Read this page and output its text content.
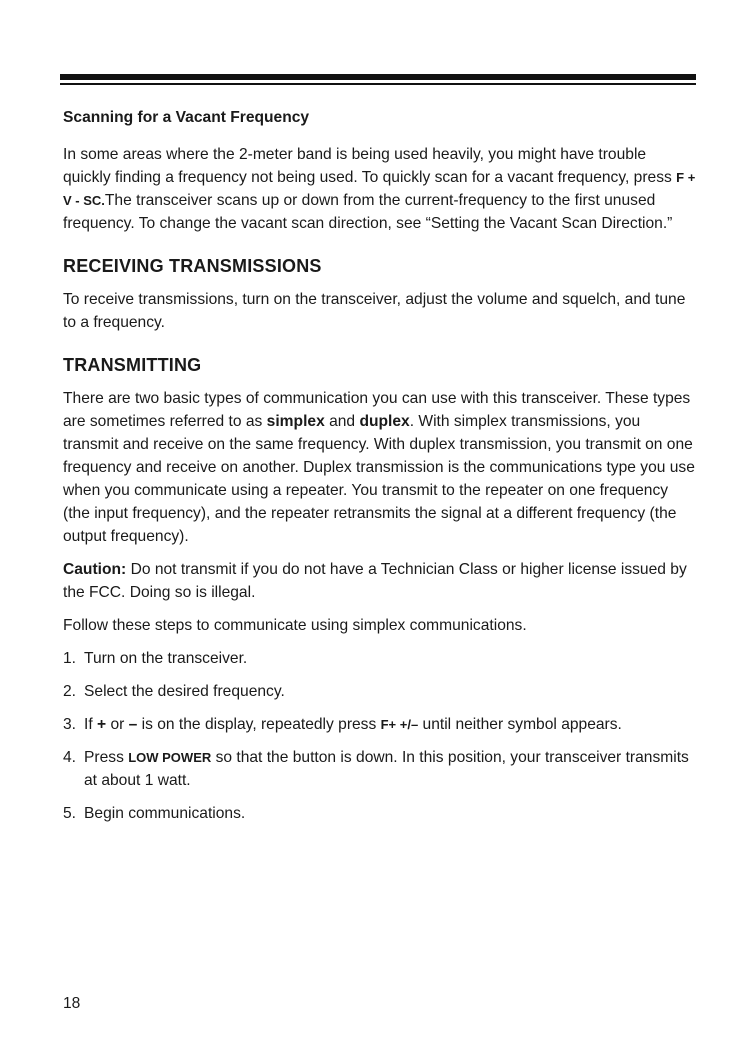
Scanning for a Vacant Frequency

In some areas where the 2-meter band is being used heavily, you might have trouble quickly finding a frequency not being used. To quickly scan for a vacant frequency, press F + V - SC.The transceiver scans up or down from the current-frequency to the first unused frequency. To change the vacant scan direction, see “Setting the Vacant Scan Direction.”

RECEIVING TRANSMISSIONS

To receive transmissions, turn on the transceiver, adjust the volume and squelch, and tune to a frequency.

TRANSMITTING

There are two basic types of communication you can use with this transceiver. These types are sometimes referred to as simplex and duplex. With simplex transmissions, you transmit and receive on the same frequency. With duplex transmission, you transmit on one frequency and receive on another. Duplex transmission is the communications type you use when you communicate using a repeater. You transmit to the repeater on one frequency (the input frequency), and the repeater retransmits the signal at a different frequency (the output frequency).

Caution: Do not transmit if you do not have a Technician Class or higher license issued by the FCC. Doing so is illegal.

Follow these steps to communicate using simplex communications.

1. Turn on the transceiver.
2. Select the desired frequency.
3. If + or – is on the display, repeatedly press F+ +/– until neither symbol appears.
4. Press LOW POWER so that the button is down. In this position, your transceiver transmits at about 1 watt.
5. Begin communications.
18
